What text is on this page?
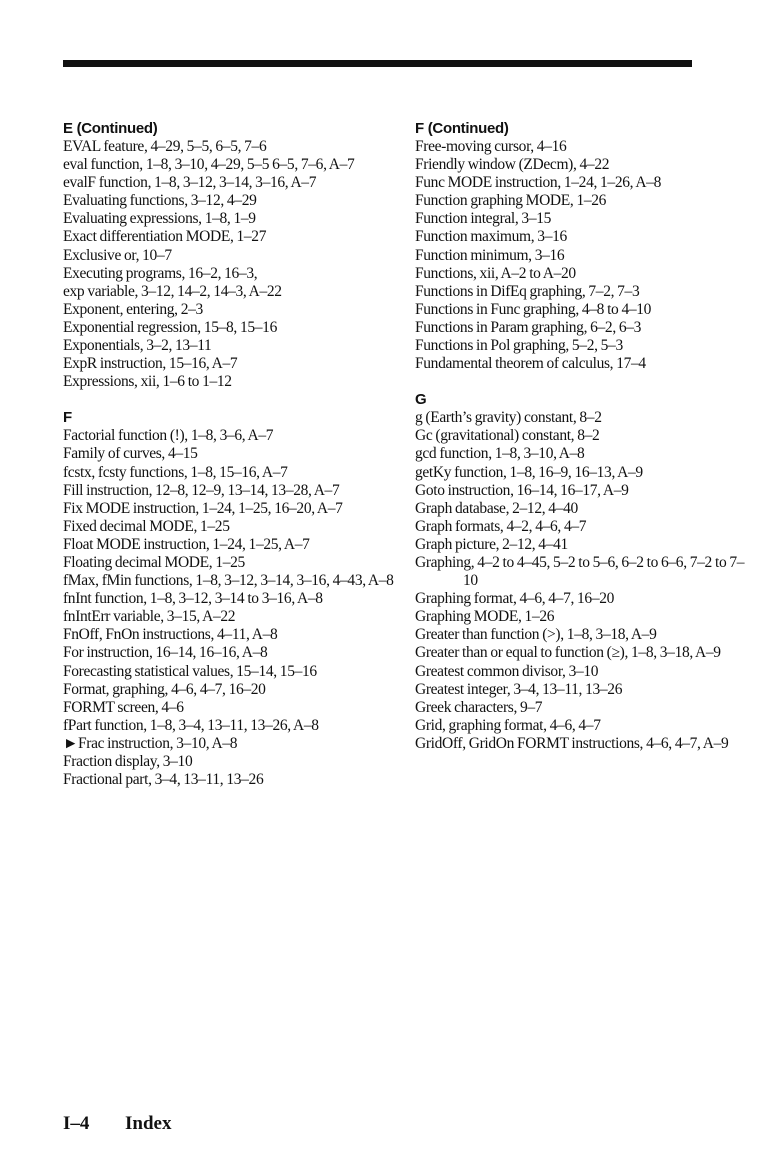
E (Continued)
EVAL feature, 4–29, 5–5, 6–5, 7–6
eval function, 1–8, 3–10, 4–29, 5–5 6–5, 7–6, A–7
evalF function, 1–8, 3–12, 3–14, 3–16, A–7
Evaluating functions, 3–12, 4–29
Evaluating expressions, 1–8, 1–9
Exact differentiation MODE, 1–27
Exclusive or, 10–7
Executing programs, 16–2, 16–3,
exp variable, 3–12, 14–2, 14–3, A–22
Exponent, entering, 2–3
Exponential regression, 15–8, 15–16
Exponentials, 3–2, 13–11
ExpR instruction, 15–16, A–7
Expressions, xii, 1–6 to 1–12
F
Factorial function (!), 1–8, 3–6, A–7
Family of curves, 4–15
fcstx, fcsty functions, 1–8, 15–16, A–7
Fill instruction, 12–8, 12–9, 13–14, 13–28, A–7
Fix MODE instruction, 1–24, 1–25, 16–20, A–7
Fixed decimal MODE, 1–25
Float MODE instruction, 1–24, 1–25, A–7
Floating decimal MODE, 1–25
fMax, fMin functions, 1–8, 3–12, 3–14, 3–16, 4–43, A–8
fnInt function, 1–8, 3–12, 3–14 to 3–16, A–8
fnIntErr variable, 3–15, A–22
FnOff, FnOn instructions, 4–11, A–8
For instruction, 16–14, 16–16, A–8
Forecasting statistical values, 15–14, 15–16
Format, graphing, 4–6, 4–7, 16–20
FORMT screen, 4–6
fPart function, 1–8, 3–4, 13–11, 13–26, A–8
►Frac instruction, 3–10, A–8
Fraction display, 3–10
Fractional part, 3–4, 13–11, 13–26
F (Continued)
Free-moving cursor, 4–16
Friendly window (ZDecm), 4–22
Func MODE instruction, 1–24, 1–26, A–8
Function graphing MODE, 1–26
Function integral, 3–15
Function maximum, 3–16
Function minimum, 3–16
Functions, xii, A–2 to A–20
Functions in DifEq graphing, 7–2, 7–3
Functions in Func graphing, 4–8 to 4–10
Functions in Param graphing, 6–2, 6–3
Functions in Pol graphing, 5–2, 5–3
Fundamental theorem of calculus, 17–4
G
g (Earth’s gravity) constant, 8–2
Gc (gravitational) constant, 8–2
gcd function, 1–8, 3–10, A–8
getKy function, 1–8, 16–9, 16–13, A–9
Goto instruction, 16–14, 16–17, A–9
Graph database, 2–12, 4–40
Graph formats, 4–2, 4–6, 4–7
Graph picture, 2–12, 4–41
Graphing, 4–2 to 4–45, 5–2 to 5–6, 6–2 to 6–6, 7–2 to 7–10
Graphing format, 4–6, 4–7, 16–20
Graphing MODE, 1–26
Greater than function (>), 1–8, 3–18, A–9
Greater than or equal to function (≥), 1–8, 3–18, A–9
Greatest common divisor, 3–10
Greatest integer, 3–4, 13–11, 13–26
Greek characters, 9–7
Grid, graphing format, 4–6, 4–7
GridOff, GridOn FORMT instructions, 4–6, 4–7, A–9
I–4 Index
